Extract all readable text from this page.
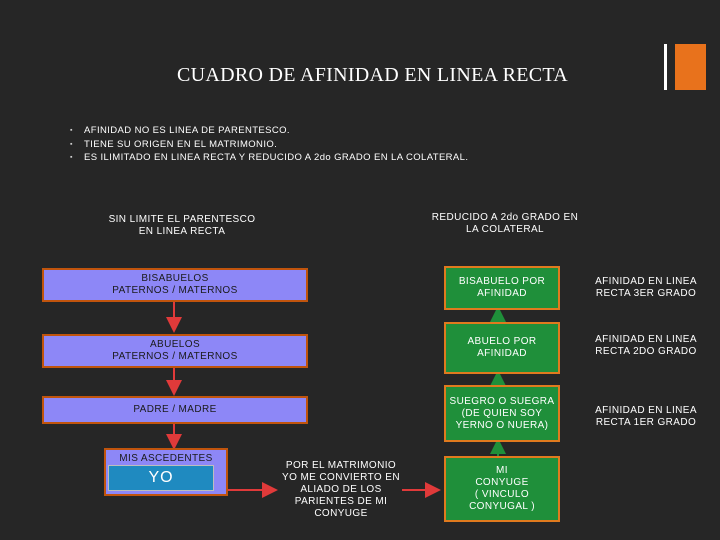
CUADRO DE AFINIDAD EN LINEA RECTA
▪ AFINIDAD NO ES LINEA DE PARENTESCO.
▪ TIENE SU ORIGEN EN EL MATRIMONIO.
▪ ES ILIMITADO EN LINEA RECTA Y REDUCIDO A 2do GRADO EN LA COLATERAL.
SIN LIMITE EL PARENTESCO
EN LINEA RECTA
REDUCIDO A 2do GRADO EN
LA COLATERAL
BISABUELOS
PATERNOS / MATERNOS
ABUELOS
PATERNOS / MATERNOS
PADRE / MADRE
MIS ASCEDENTES
YO
POR EL MATRIMONIO
YO ME CONVIERTO EN
ALIADO DE LOS
PARIENTES DE MI
CONYUGE
BISABUELO POR
AFINIDAD
ABUELO POR
AFINIDAD
SUEGRO O SUEGRA
(DE QUIEN SOY
YERNO O NUERA)
MI
CONYUGE
( VINCULO
CONYUGAL )
AFINIDAD EN LINEA
RECTA 3ER GRADO
AFINIDAD EN LINEA
RECTA 2DO GRADO
AFINIDAD EN LINEA
RECTA 1ER GRADO
